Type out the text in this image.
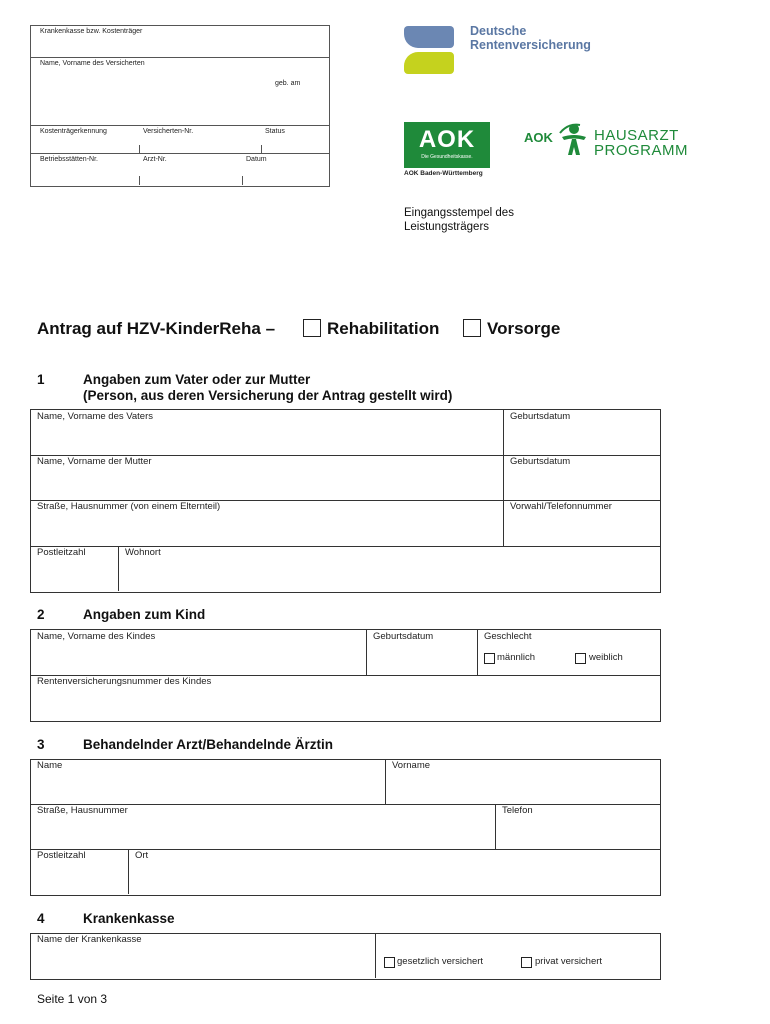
Krankenkasse bzw. Kostenträger
Name, Vorname des Versicherten
geb. am
Kostenträgerkennung	Versicherten-Nr.	Status
Betriebsstätten-Nr.	Arzt-Nr.	Datum
Deutsche
Rentenversicherung
AOK
Die Gesundheitskasse.
AOK Baden-Württemberg
AOK	HAUSARZT
PROGRAMM
Eingangsstempel des
Leistungsträgers
Antrag auf HZV-KinderReha –	Rehabilitation	Vorsorge
1	Angaben zum Vater oder zur Mutter
(Person, aus deren Versicherung der Antrag gestellt wird)
Name, Vorname des Vaters	Geburtsdatum
Name, Vorname der Mutter	Geburtsdatum
Straße, Hausnummer (von einem Elternteil)	Vorwahl/Telefonnummer
Postleitzahl	Wohnort
2	Angaben zum Kind
Name, Vorname des Kindes	Geburtsdatum	Geschlecht
männlich	weiblich
Rentenversicherungsnummer des Kindes
3	Behandelnder Arzt/Behandelnde Ärztin
Name	Vorname
Straße, Hausnummer	Telefon
Postleitzahl	Ort
4	Krankenkasse
Name der Krankenkasse
gesetzlich versichert	privat versichert
Seite 1 von 3
